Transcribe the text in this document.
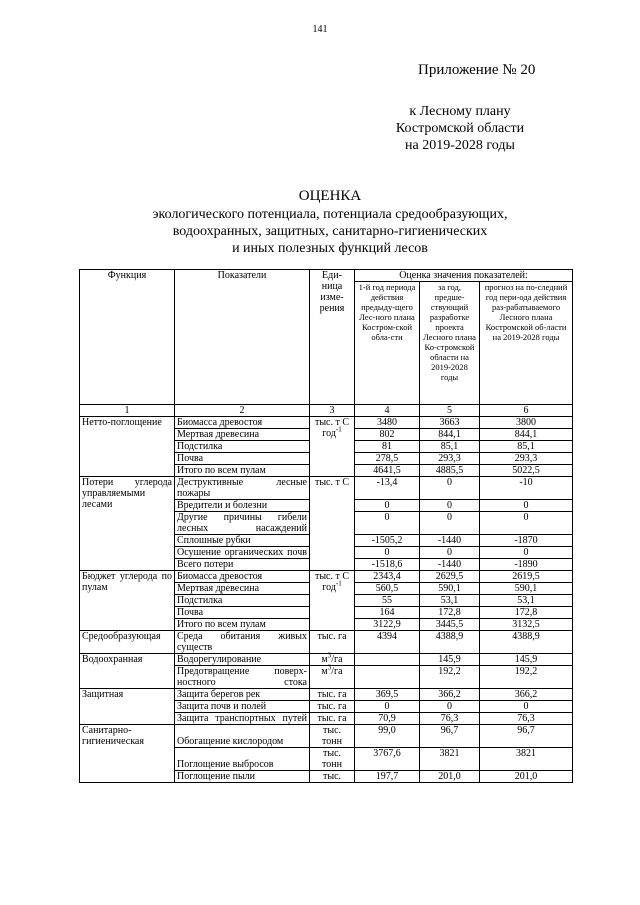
141
Приложение № 20
к Лесному плану
Костромской области
на 2019-2028 годы
ОЦЕНКА
экологического потенциала, потенциала средообразующих,
водоохранных, защитных, санитарно-гигиенических
и иных полезных функций лесов
Функция	Показатели	Еди-ница изме-рения	Оценка значения показателей:		
			1-й год периода действия предыду-щего Лес-ного плана Костром-ской обла-сти	за год, предше-ствующий разработке проекта Лесного плана Ко-стромской области на 2019-2028 годы	прогноз на по-следний год пери-ода действия раз-рабатываемого Лесного плана Костромской об-ласти на 2019-2028 годы
1	2	3	4	5	6
Нетто-поглощение	Биомасса древостоя	тыс. т С год$^{-1}$	3480	3663	3800
	Мертвая древесина		802	844,1	844,1
	Подстилка		81	85,1	85,1
	Почва		278,5	293,3	293,3
	Итого по всем пулам		4641,5	4885,5	5022,5
Потери углерода управляемыми лесами	Деструктивные лесные пожары	тыс. т С	-13,4	0	-10
	Вредители и болезни		0	0	0
	Другие причины гибели лесных насаждений		0	0	0
	Сплошные рубки		-1505,2	-1440	-1870
	Осушение органических почв		0	0	0
	Всего потери		-1518,6	-1440	-1890
Бюджет углерода по пулам	Биомасса древостоя	тыс. т С год$^{-1}$	2343,4	2629,5	2619,5
	Мертвая древесина		560,5	590,1	590,1
	Подстилка		55	53,1	53,1
	Почва		164	172,8	172,8
	Итого по всем пулам		3122,9	3445,5	3132,5
Средообразующая	Среда обитания живых существ	тыс. га	4394	4388,9	4388,9
Водоохранная	Водорегулирование	$м^3/га$		145,9	145,9
	Предотвращение поверх-ностного стока	$м^3/га$		192,2	192,2
Защитная	Защита берегов рек	тыс. га	369,5	366,2	366,2
	Защита почв и полей	тыс. га	0	0	0
	Защита транспортных путей	тыс. га	70,9	76,3	76,3
Санитарно-гигиеническая	Обогащение кислородом	тыс. тонн	99,0	96,7	96,7
	Поглощение выбросов	тыс. тонн	3767,6	3821	3821
	Поглощение пыли	тыс.	197,7	201,0	201,0
